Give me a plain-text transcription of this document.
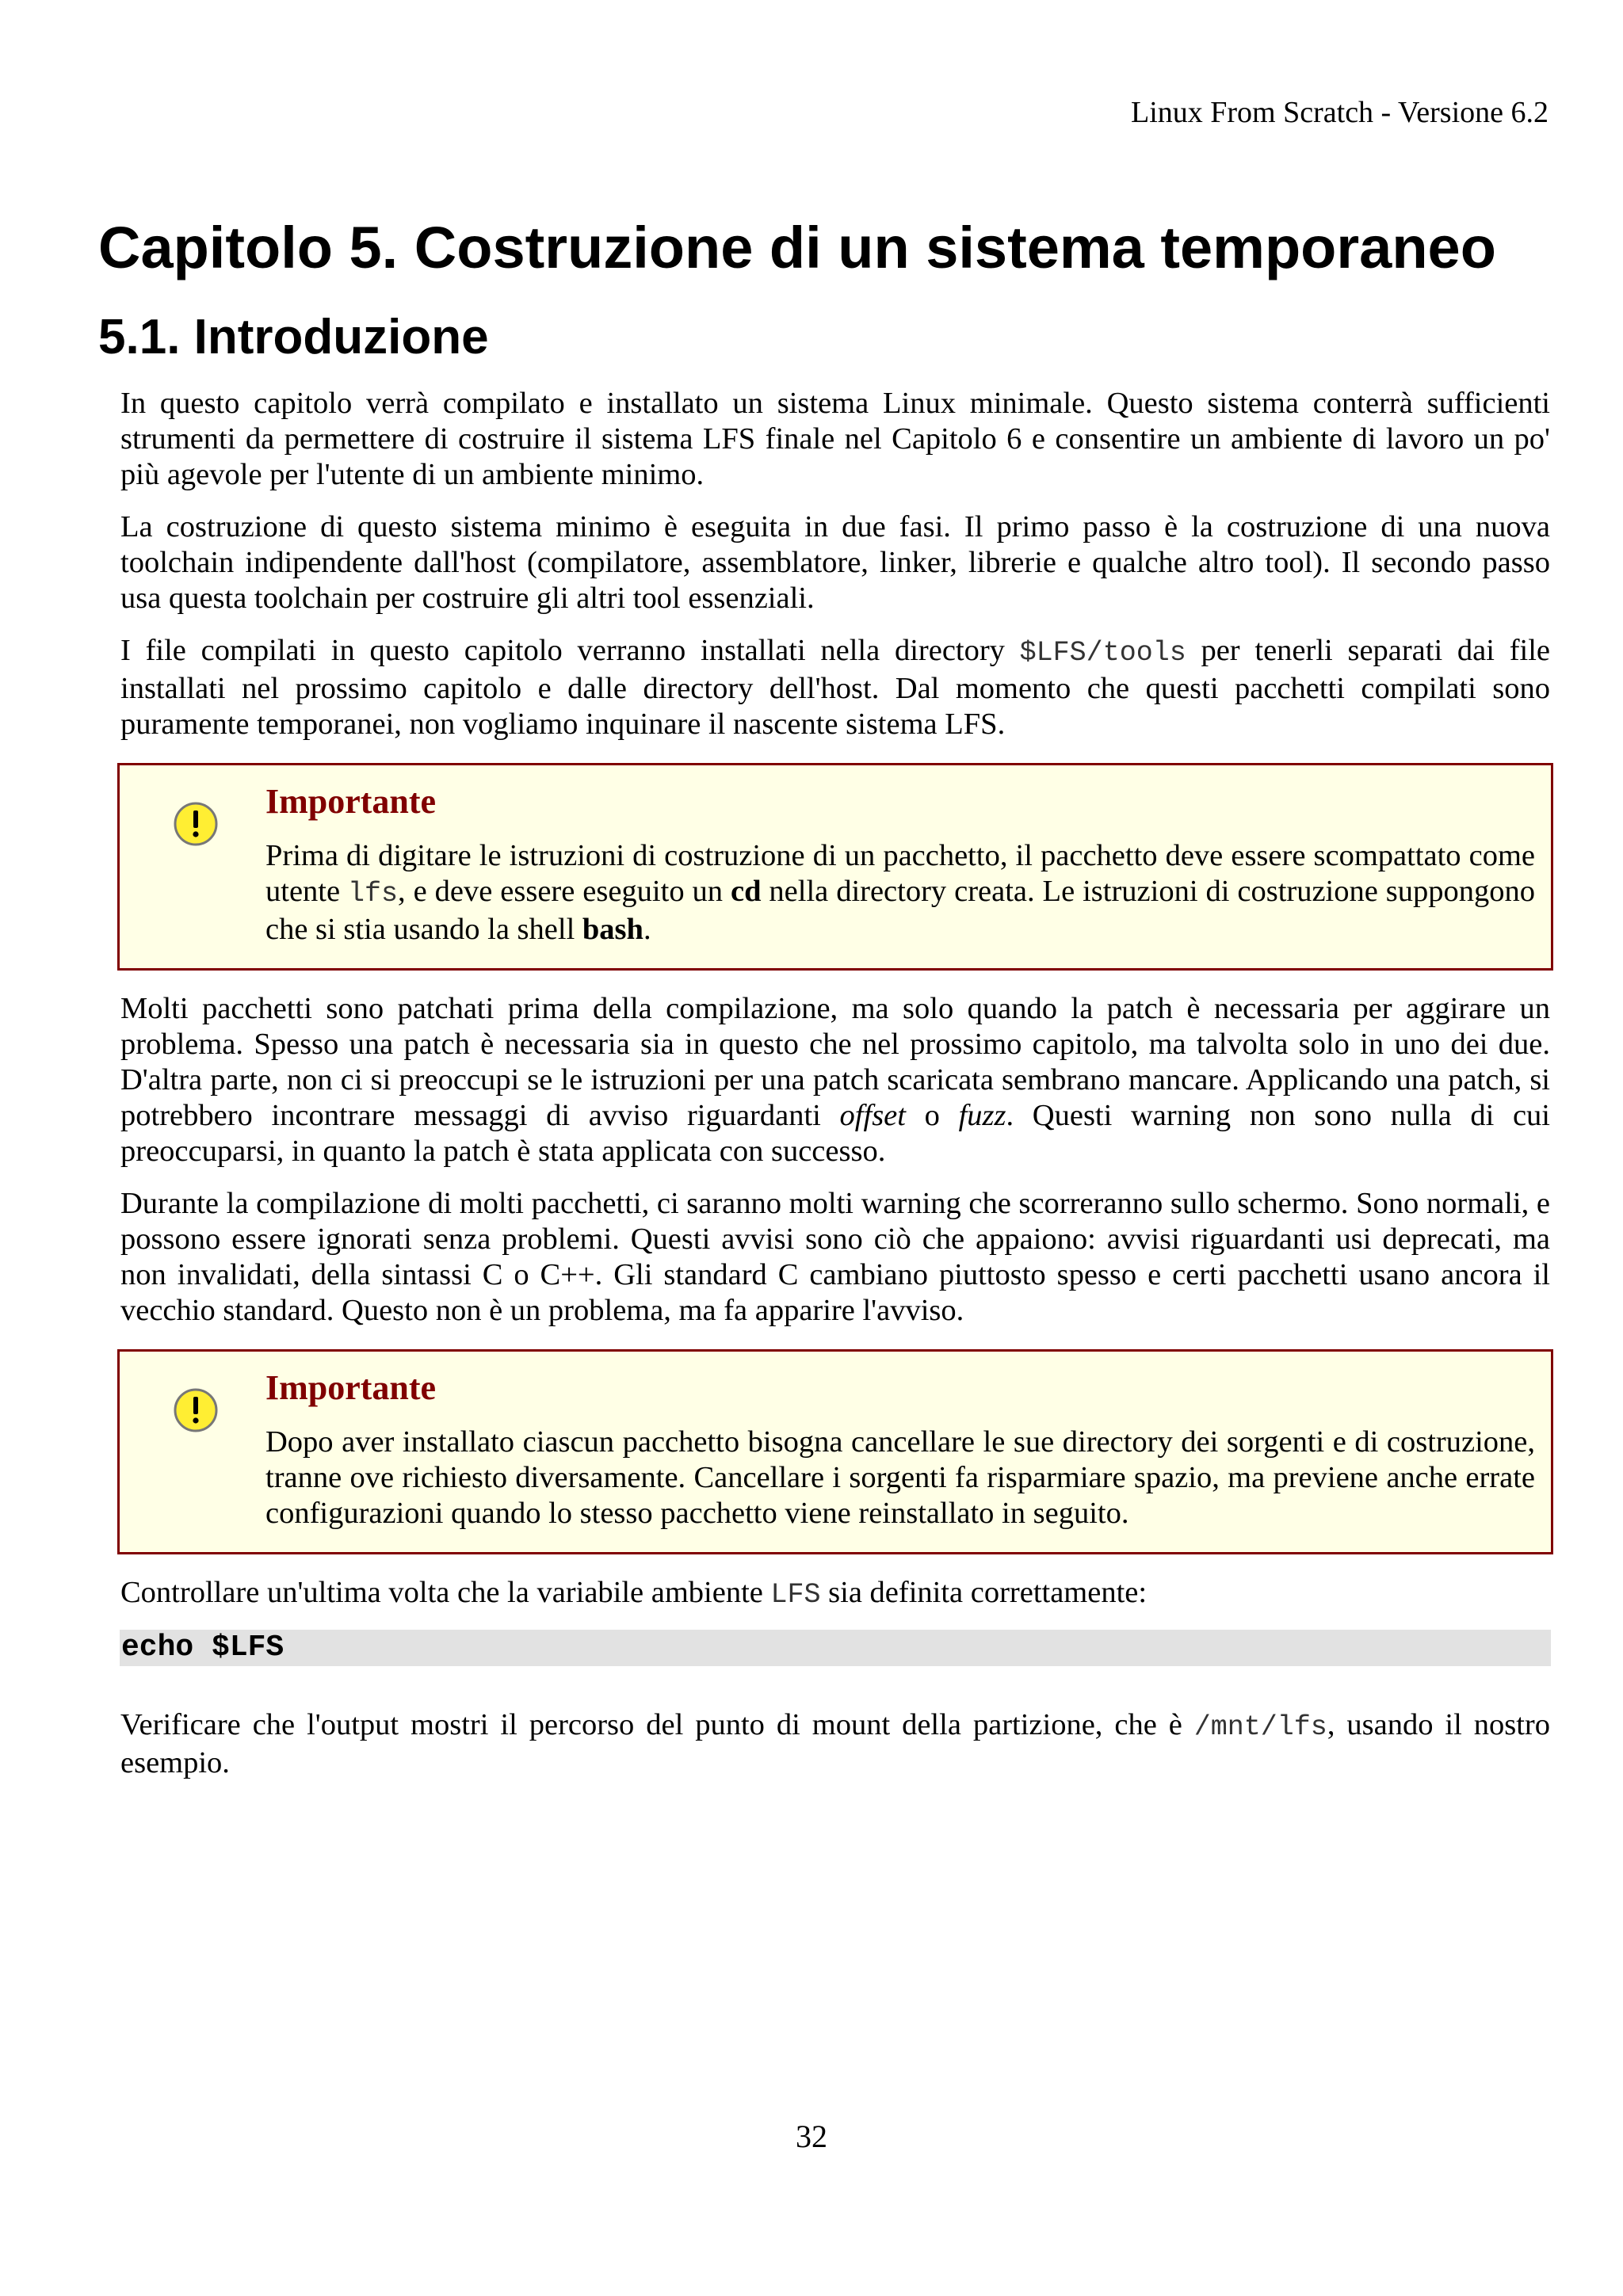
Linux From Scratch - Versione 6.2
Capitolo 5. Costruzione di un sistema temporaneo
5.1. Introduzione

In questo capitolo verrà compilato e installato un sistema Linux minimale. Questo sistema conterrà sufficienti strumenti da permettere di costruire il sistema LFS finale nel Capitolo 6 e consentire un ambiente di lavoro un po' più agevole per l'utente di un ambiente minimo.

La costruzione di questo sistema minimo è eseguita in due fasi. Il primo passo è la costruzione di una nuova toolchain indipendente dall'host (compilatore, assemblatore, linker, librerie e qualche altro tool). Il secondo passo usa questa toolchain per costruire gli altri tool essenziali.

I file compilati in questo capitolo verranno installati nella directory $LFS/tools per tenerli separati dai file installati nel prossimo capitolo e dalle directory dell'host. Dal momento che questi pacchetti compilati sono puramente temporanei, non vogliamo inquinare il nascente sistema LFS.

Importante

Prima di digitare le istruzioni di costruzione di un pacchetto, il pacchetto deve essere scompattato come utente lfs, e deve essere eseguito un cd nella directory creata. Le istruzioni di costruzione suppongono che si stia usando la shell bash.

Molti pacchetti sono patchati prima della compilazione, ma solo quando la patch è necessaria per aggirare un problema. Spesso una patch è necessaria sia in questo che nel prossimo capitolo, ma talvolta solo in uno dei due. D'altra parte, non ci si preoccupi se le istruzioni per una patch scaricata sembrano mancare. Applicando una patch, si potrebbero incontrare messaggi di avviso riguardanti offset o fuzz. Questi warning non sono nulla di cui preoccuparsi, in quanto la patch è stata applicata con successo.

Durante la compilazione di molti pacchetti, ci saranno molti warning che scorreranno sullo schermo. Sono normali, e possono essere ignorati senza problemi. Questi avvisi sono ciò che appaiono: avvisi riguardanti usi deprecati, ma non invalidati, della sintassi C o C++. Gli standard C cambiano piuttosto spesso e certi pacchetti usano ancora il vecchio standard. Questo non è un problema, ma fa apparire l'avviso.

Importante

Dopo aver installato ciascun pacchetto bisogna cancellare le sue directory dei sorgenti e di costruzione, tranne ove richiesto diversamente. Cancellare i sorgenti fa risparmiare spazio, ma previene anche errate configurazioni quando lo stesso pacchetto viene reinstallato in seguito.

Controllare un'ultima volta che la variabile ambiente LFS sia definita correttamente:

echo $LFS

Verificare che l'output mostri il percorso del punto di mount della partizione, che è /mnt/lfs, usando il nostro esempio.

32
